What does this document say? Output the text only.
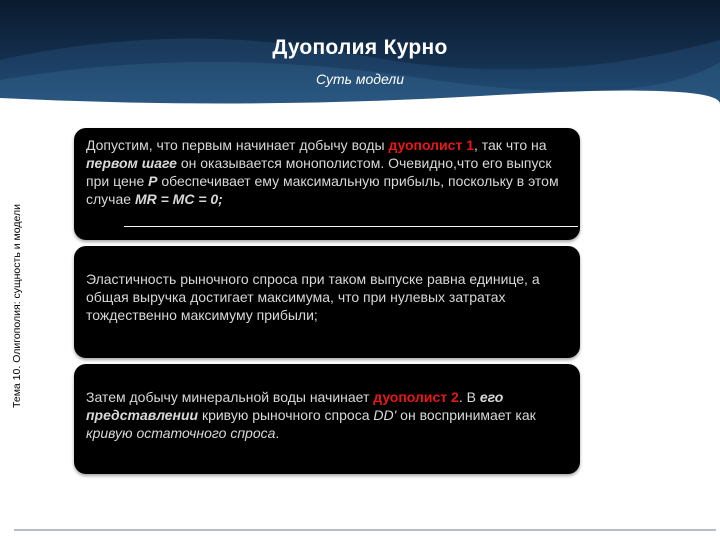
Дуополия Курно
Суть модели
Тема 10. Олигополия: сущность и модели
Допустим, что первым начинает добычу воды дуополист 1, так что на первом шаге он оказывается монополистом. Очевидно,что его выпуск при цене Р обеспечивает ему максимальную прибыль, поскольку в этом случае МR = МС = 0;
Эластичность рыночного спроса при таком выпуске равна единице, а общая выручка достигает максимума, что при нулевых затратах тождественно максимуму прибыли;
Затем добычу минеральной воды начинает дуополист 2. В его представлении кривую рыночного спроса DD' он воспринимает как кривую остаточного спроса.
